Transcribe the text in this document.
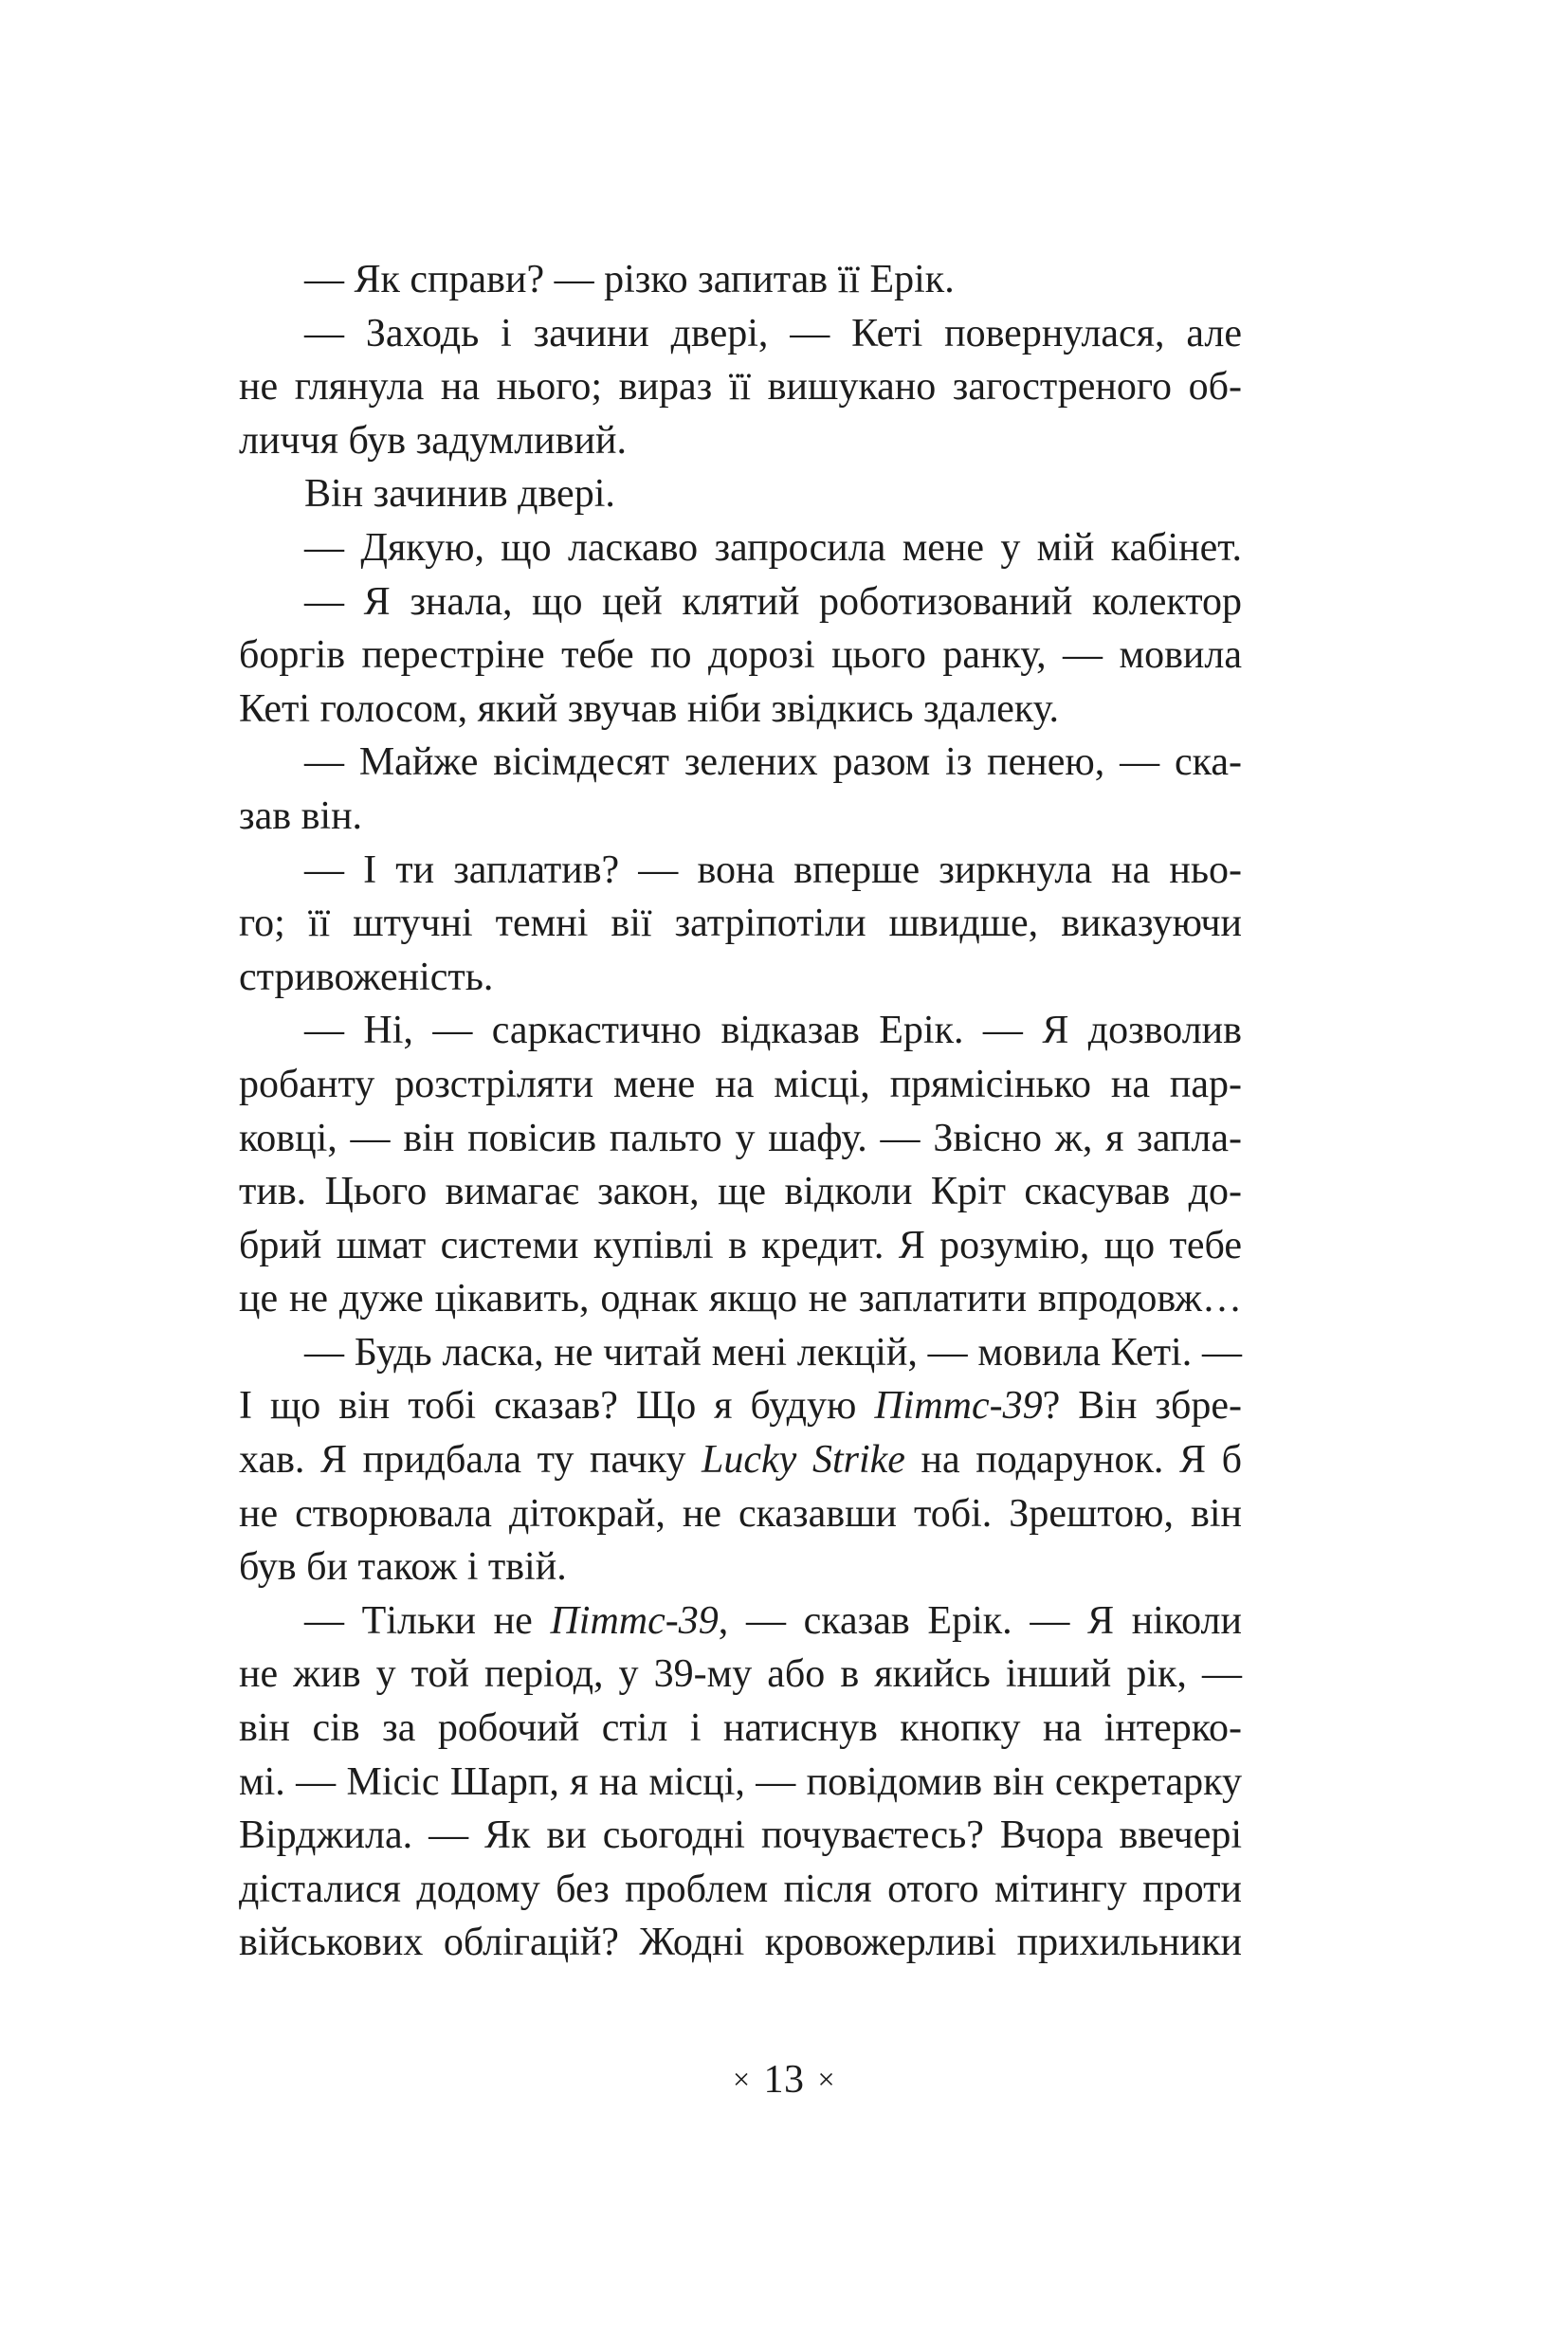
— Як справи? — різко запитав її Ерік.
— Заходь і зачини двері, — Кеті повернулася, але
не глянула на нього; вираз її вишукано загостреного об-
личчя був задумливий.
Він зачинив двері.
— Дякую, що ласкаво запросила мене у мій кабінет.
— Я знала, що цей клятий роботизований колектор
боргів перестріне тебе по дорозі цього ранку, — мовила
Кеті голосом, який звучав ніби звідкись здалеку.
— Майже вісімдесят зелених разом із пенею, — ска-
зав він.
— І ти заплатив? — вона вперше зиркнула на ньо-
го; її штучні темні вії затріпотіли швидше, виказуючи
стривоженість.
— Ні, — саркастично відказав Ерік. — Я дозволив
робанту розстріляти мене на місці, прямісінько на пар-
ковці, — він повісив пальто у шафу. — Звісно ж, я запла-
тив. Цього вимагає закон, ще відколи Кріт скасував до-
брий шмат системи купівлі в кредит. Я розумію, що тебе
це не дуже цікавить, однак якщо не заплатити впродовж…
— Будь ласка, не читай мені лекцій, — мовила Кеті. —
І що він тобі сказав? Що я будую Піттс-39? Він збре-
хав. Я придбала ту пачку Lucky Strike на подарунок. Я б
не створювала дітокрай, не сказавши тобі. Зрештою, він
був би також і твій.
— Тільки не Піттс-39, — сказав Ерік. — Я ніколи
не жив у той період, у 39-му або в якийсь інший рік, —
він сів за робочий стіл і натиснув кнопку на інтерко-
мі. — Місіс Шарп, я на місці, — повідомив він секретарку
Вірджила. — Як ви сьогодні почуваєтесь? Вчора ввечері
дісталися додому без проблем після отого мітингу проти
військових облігацій? Жодні кровожерливі прихильники
× 13 ×
